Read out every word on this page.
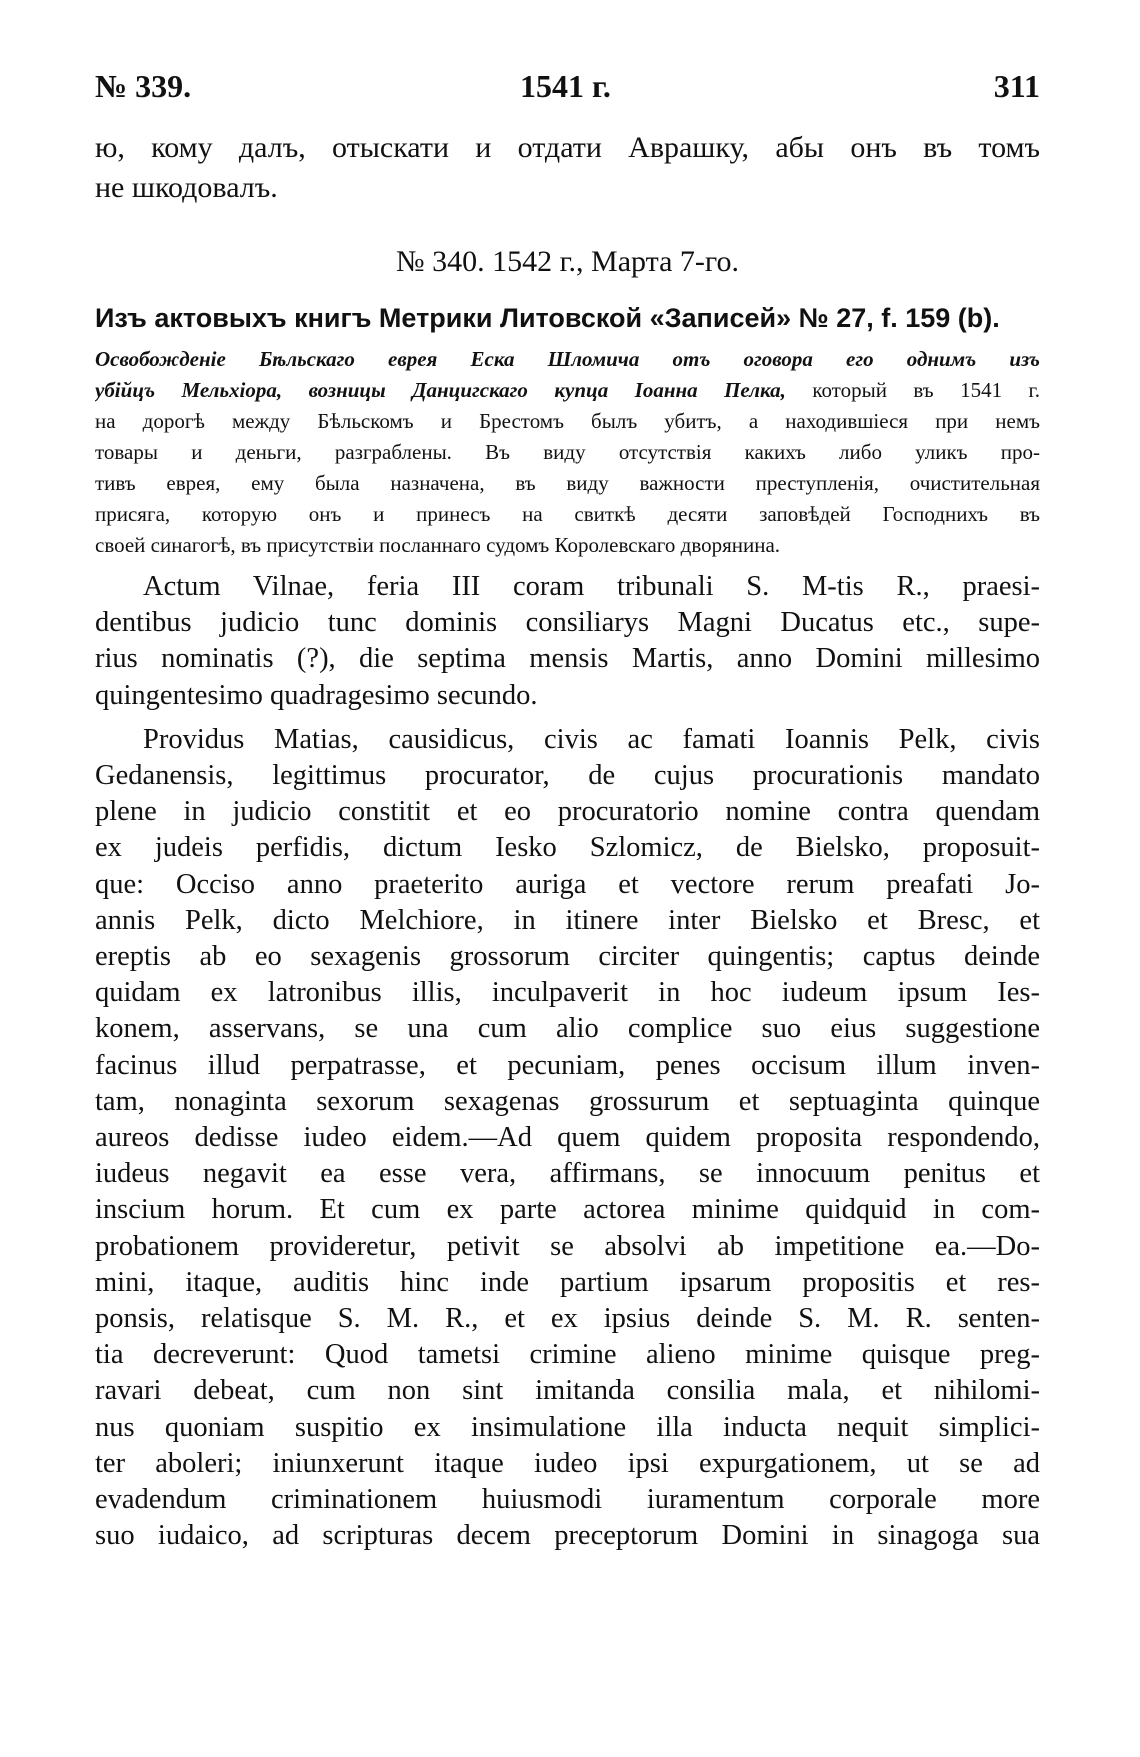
№ 339.	1541 г.	311
ю, кому далъ, отыскати и отдати Аврашку, абы онъ въ томъ
не шкодовалъ.
№ 340. 1542 г., Марта 7-го.
Изъ актовыхъ книгъ Метрики Литовской «Записей» № 27, f. 159 (b).
Освобожденіе Бѣльскаго еврея Еска Шломича отъ оговора его однимъ изъ
убійцъ Мельхіора, возницы Данцигскаго купца Іоанна Пелка, который въ 1541 г.
на дорогѣ между Бѣльскомъ и Брестомъ былъ убитъ, а находившіеся при немъ
товары и деньги, разграблены. Въ виду отсутствія какихъ либо уликъ про-
тивъ еврея, ему была назначена, въ виду важности преступленія, очистительная
присяга, которую онъ и принесъ на свиткѣ десяти заповѣдей Господнихъ въ
своей синагогѣ, въ присутствіи посланнаго судомъ Королевскаго дворянина.
Actum Vilnae, feria III coram tribunali S. M-tis R., praesi-
dentibus judicio tunc dominis consiliarys Magni Ducatus etc., supe-
rius nominatis (?), die septima mensis Martis, anno Domini millesimo
quingentesimo quadragesimo secundo.
Providus Matias, causidicus, civis ac famati Ioannis Pelk, civis
Gedanensis, legittimus procurator, de cujus procurationis mandato
plene in judicio constitit et eo procuratorio nomine contra quendam
ex judeis perfidis, dictum Iesko Szlomicz, de Bielsko, proposuit-
que: Occiso anno praeterito auriga et vectore rerum preafati Jo-
annis Pelk, dicto Melchiore, in itinere inter Bielsko et Bresc, et
ereptis ab eo sexagenis grossorum circiter quingentis; captus deinde
quidam ex latronibus illis, inculpaverit in hoc iudeum ipsum Ies-
konem, asservans, se una cum alio complice suo eius suggestione
facinus illud perpatrasse, et pecuniam, penes occisum illum inven-
tam, nonaginta sexorum sexagenas grossurum et septuaginta quinque
aureos dedisse iudeo eidem.—Ad quem quidem proposita respondendo,
iudeus negavit ea esse vera, affirmans, se innocuum penitus et
inscium horum. Et cum ex parte actorea minime quidquid in com-
probationem provideretur, petivit se absolvi ab impetitione ea.—Do-
mini, itaque, auditis hinc inde partium ipsarum propositis et res-
ponsis, relatisque S. M. R., et ex ipsius deinde S. M. R. senten-
tia decreverunt: Quod tametsi crimine alieno minime quisque preg-
ravari debeat, cum non sint imitanda consilia mala, et nihilomi-
nus quoniam suspitio ex insimulatione illa inducta nequit simplici-
ter aboleri; iniunxerunt itaque iudeo ipsi expurgationem, ut se ad
evadendum criminationem huiusmodi iuramentum corporale more
suo iudaico, ad scripturas decem preceptorum Domini in sinagoga sua
